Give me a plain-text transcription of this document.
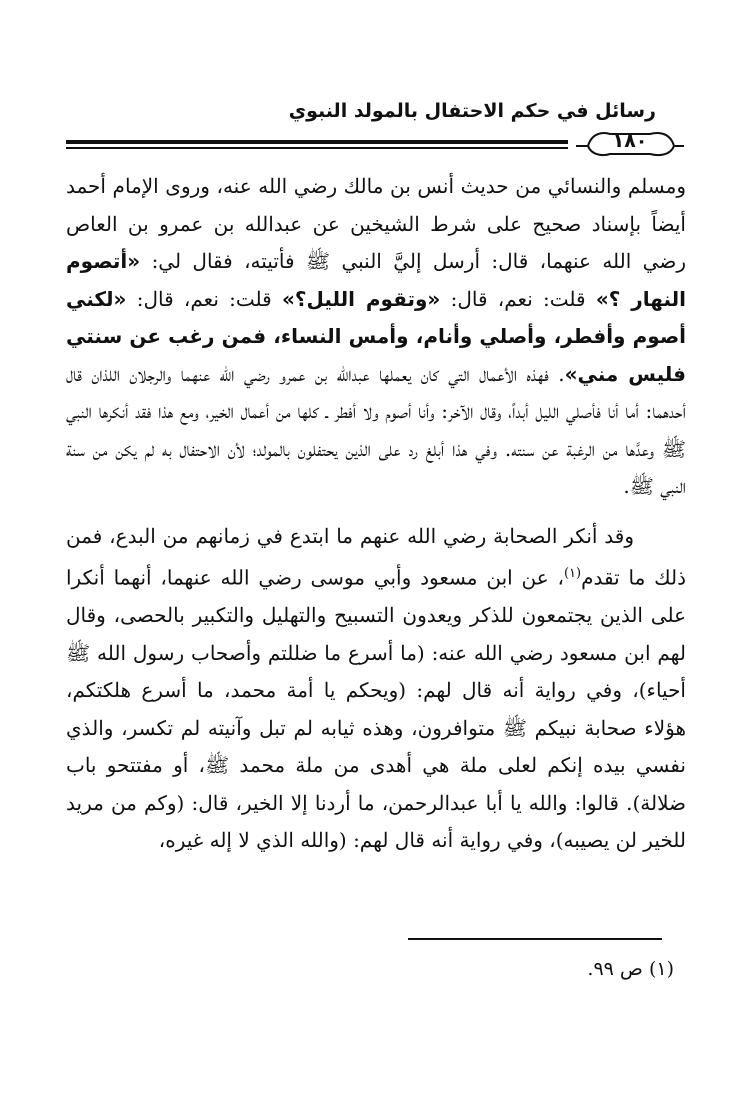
رسائل في حكم الاحتفال بالمولد النبوي
١٨٠

ومسلم والنسائي من حديث أنس بن مالك رضي الله عنه، وروى الإمام أحمد أيضاً بإسناد صحيح على شرط الشيخين عن عبدالله بن عمرو بن العاص رضي الله عنهما، قال: أرسل إليَّ النبي ﷺ فأتيته، فقال لي: «أتصوم النهار ؟» قلت: نعم، قال: «وتقوم الليل؟» قلت: نعم، قال: «لكني أصوم وأفطر، وأصلي وأنام، وأمس النساء، فمن رغب عن سنتي فليس مني». فهذه الأعمال التي كان يعملها عبدالله بن عمرو رضي الله عنهما والرجلان اللذان قال أحدهما: أما أنا فأصلي الليل أبداً، وقال الآخر: وأنا أصوم ولا أفطر ـ كلها من أعمال الخير، ومع هذا فقد أنكرها النبي ﷺ وعدَّها من الرغبة عن سنته. وفي هذا أبلغ رد على الذين يحتفلون بالمولد؛ لأن الاحتفال به لم يكن من سنة النبي ﷺ.

وقد أنكر الصحابة رضي الله عنهم ما ابتدع في زمانهم من البدع، فمن ذلك ما تقدم$^{(١)}$، عن ابن مسعود وأبي موسى رضي الله عنهما، أنهما أنكرا على الذين يجتمعون للذكر ويعدون التسبيح والتهليل والتكبير بالحصى، وقال لهم ابن مسعود رضي الله عنه: (ما أسرع ما ضللتم وأصحاب رسول الله ﷺ أحياء)، وفي رواية أنه قال لهم: (ويحكم يا أمة محمد، ما أسرع هلكتكم، هؤلاء صحابة نبيكم ﷺ متوافرون، وهذه ثيابه لم تبل وآنيته لم تكسر، والذي نفسي بيده إنكم لعلى ملة هي أهدى من ملة محمد ﷺ، أو مفتتحو باب ضلالة). قالوا: والله يا أبا عبدالرحمن، ما أردنا إلا الخير، قال: (وكم من مريد للخير لن يصيبه)، وفي رواية أنه قال لهم: (والله الذي لا إله غيره،

(١) ص ٩٩.
